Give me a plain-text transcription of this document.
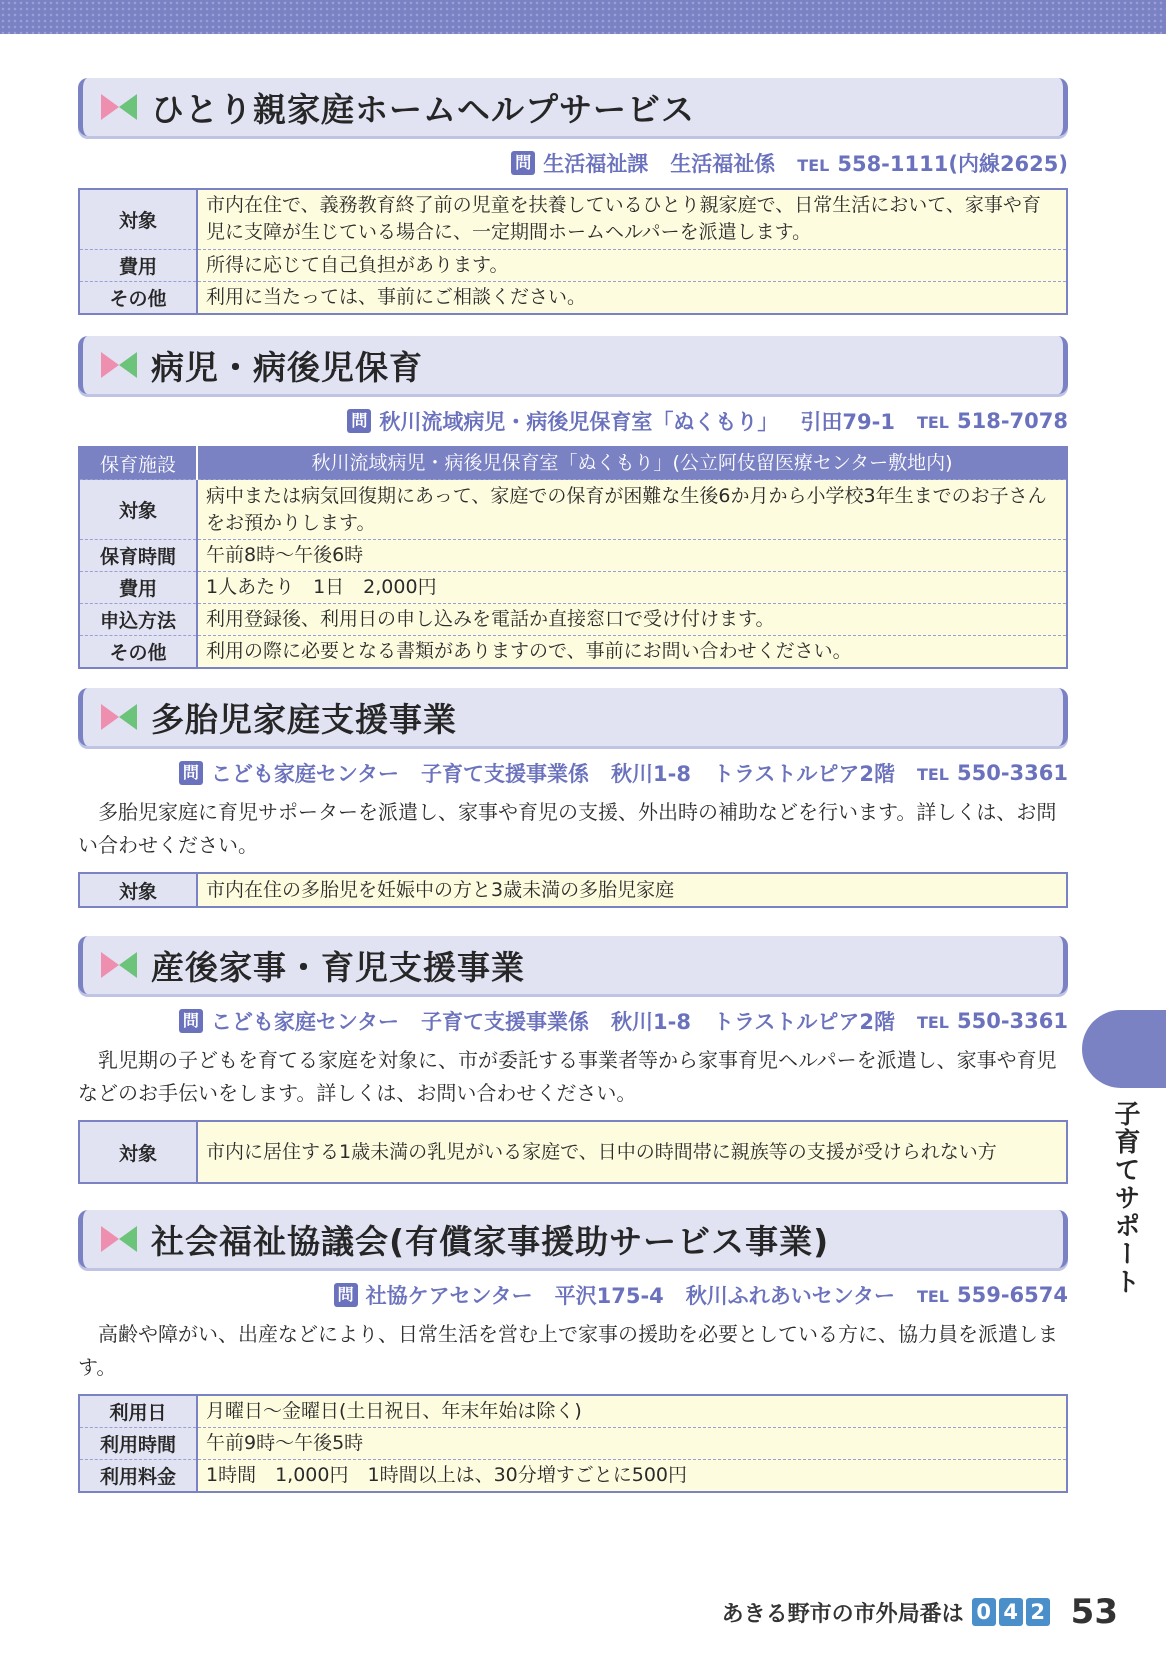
ひとり親家庭ホームヘルプサービス
問 生活福祉課 生活福祉係 TEL 558-1111(内線2625)
対象	市内在住で、義務教育終了前の児童を扶養しているひとり親家庭で、日常生活において、家事や育児に支障が生じている場合に、一定期間ホームヘルパーを派遣します。
費用	所得に応じて自己負担があります。
その他	利用に当たっては、事前にご相談ください。
病児・病後児保育
問 秋川流域病児・病後児保育室「ぬくもり」 引田79-1 TEL 518-7078
保育施設	秋川流域病児・病後児保育室「ぬくもり」(公立阿伎留医療センター敷地内)
対象	病中または病気回復期にあって、家庭での保育が困難な生後6か月から小学校3年生までのお子さんをお預かりします。
保育時間	午前8時〜午後6時
費用	1人あたり　1日　2,000円
申込方法	利用登録後、利用日の申し込みを電話か直接窓口で受け付けます。
その他	利用の際に必要となる書類がありますので、事前にお問い合わせください。
多胎児家庭支援事業
問 こども家庭センター 子育て支援事業係 秋川1-8 トラストルピア2階 TEL 550-3361

多胎児家庭に育児サポーターを派遣し、家事や育児の支援、外出時の補助などを行います。詳しくは、お問い合わせください。

対象	市内在住の多胎児を妊娠中の方と3歳未満の多胎児家庭
産後家事・育児支援事業
問 こども家庭センター 子育て支援事業係 秋川1-8 トラストルピア2階 TEL 550-3361

乳児期の子どもを育てる家庭を対象に、市が委託する事業者等から家事育児ヘルパーを派遣し、家事や育児などのお手伝いをします。詳しくは、お問い合わせください。

対象	市内に居住する1歳未満の乳児がいる家庭で、日中の時間帯に親族等の支援が受けられない方
社会福祉協議会(有償家事援助サービス事業)
問 社協ケアセンター 平沢175-4 秋川ふれあいセンター TEL 559-6574

高齢や障がい、出産などにより、日常生活を営む上で家事の援助を必要としている方に、協力員を派遣します。

利用日	月曜日〜金曜日(土日祝日、年末年始は除く)
利用時間	午前9時〜午後5時
利用料金	1時間　1,000円　1時間以上は、30分増すごとに500円
子育てサポート
あきる野市の市外局番は 0 4 2 53
